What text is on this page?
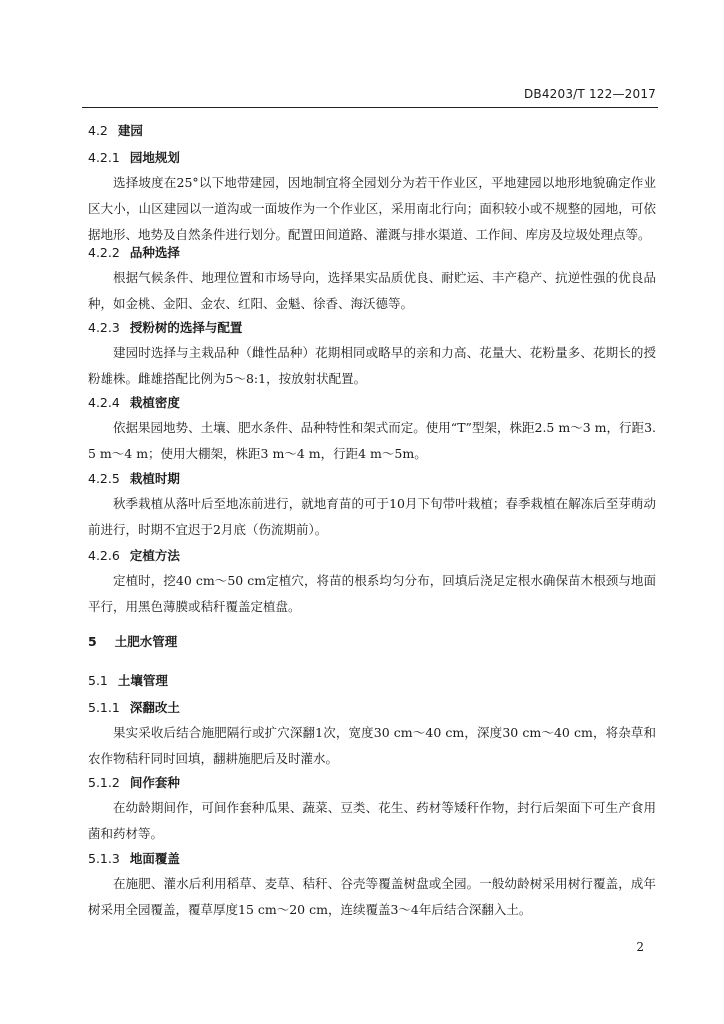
DB4203/T 122—2017
4.2 建园
4.2.1 园地规划
选择坡度在25°以下地带建园，因地制宜将全园划分为若干作业区，平地建园以地形地貌确定作业区大小，山区建园以一道沟或一面坡作为一个作业区，采用南北行向；面积较小或不规整的园地，可依据地形、地势及自然条件进行划分。配置田间道路、灌溉与排水渠道、工作间、库房及垃圾处理点等。
4.2.2 品种选择
根据气候条件、地理位置和市场导向，选择果实品质优良、耐贮运、丰产稳产、抗逆性强的优良品种，如金桃、金阳、金农、红阳、金魁、徐香、海沃德等。
4.2.3 授粉树的选择与配置
建园时选择与主栽品种（雌性品种）花期相同或略早的亲和力高、花量大、花粉量多、花期长的授粉雄株。雌雄搭配比例为5～8:1，按放射状配置。
4.2.4 栽植密度
依据果园地势、土壤、肥水条件、品种特性和架式而定。使用“T”型架，株距2.5 m～3 m，行距3.5 m～4 m；使用大棚架，株距3 m～4 m，行距4 m～5m。
4.2.5 栽植时期
秋季栽植从落叶后至地冻前进行，就地育苗的可于10月下旬带叶栽植；春季栽植在解冻后至芽萌动前进行，时期不宜迟于2月底（伤流期前）。
4.2.6 定植方法
定植时，挖40 cm～50 cm定植穴，将苗的根系均匀分布，回填后浇足定根水确保苗木根颈与地面平行，用黑色薄膜或秸秆覆盖定植盘。
5 土肥水管理
5.1 土壤管理
5.1.1 深翻改土
果实采收后结合施肥隔行或扩穴深翻1次，宽度30 cm～40 cm，深度30 cm～40 cm，将杂草和农作物秸秆同时回填，翻耕施肥后及时灌水。
5.1.2 间作套种
在幼龄期间作，可间作套种瓜果、蔬菜、豆类、花生、药材等矮秆作物，封行后架面下可生产食用菌和药材等。
5.1.3 地面覆盖
在施肥、灌水后利用稻草、麦草、秸秆、谷壳等覆盖树盘或全园。一般幼龄树采用树行覆盖，成年树采用全园覆盖，覆草厚度15 cm～20 cm，连续覆盖3～4年后结合深翻入土。
2
